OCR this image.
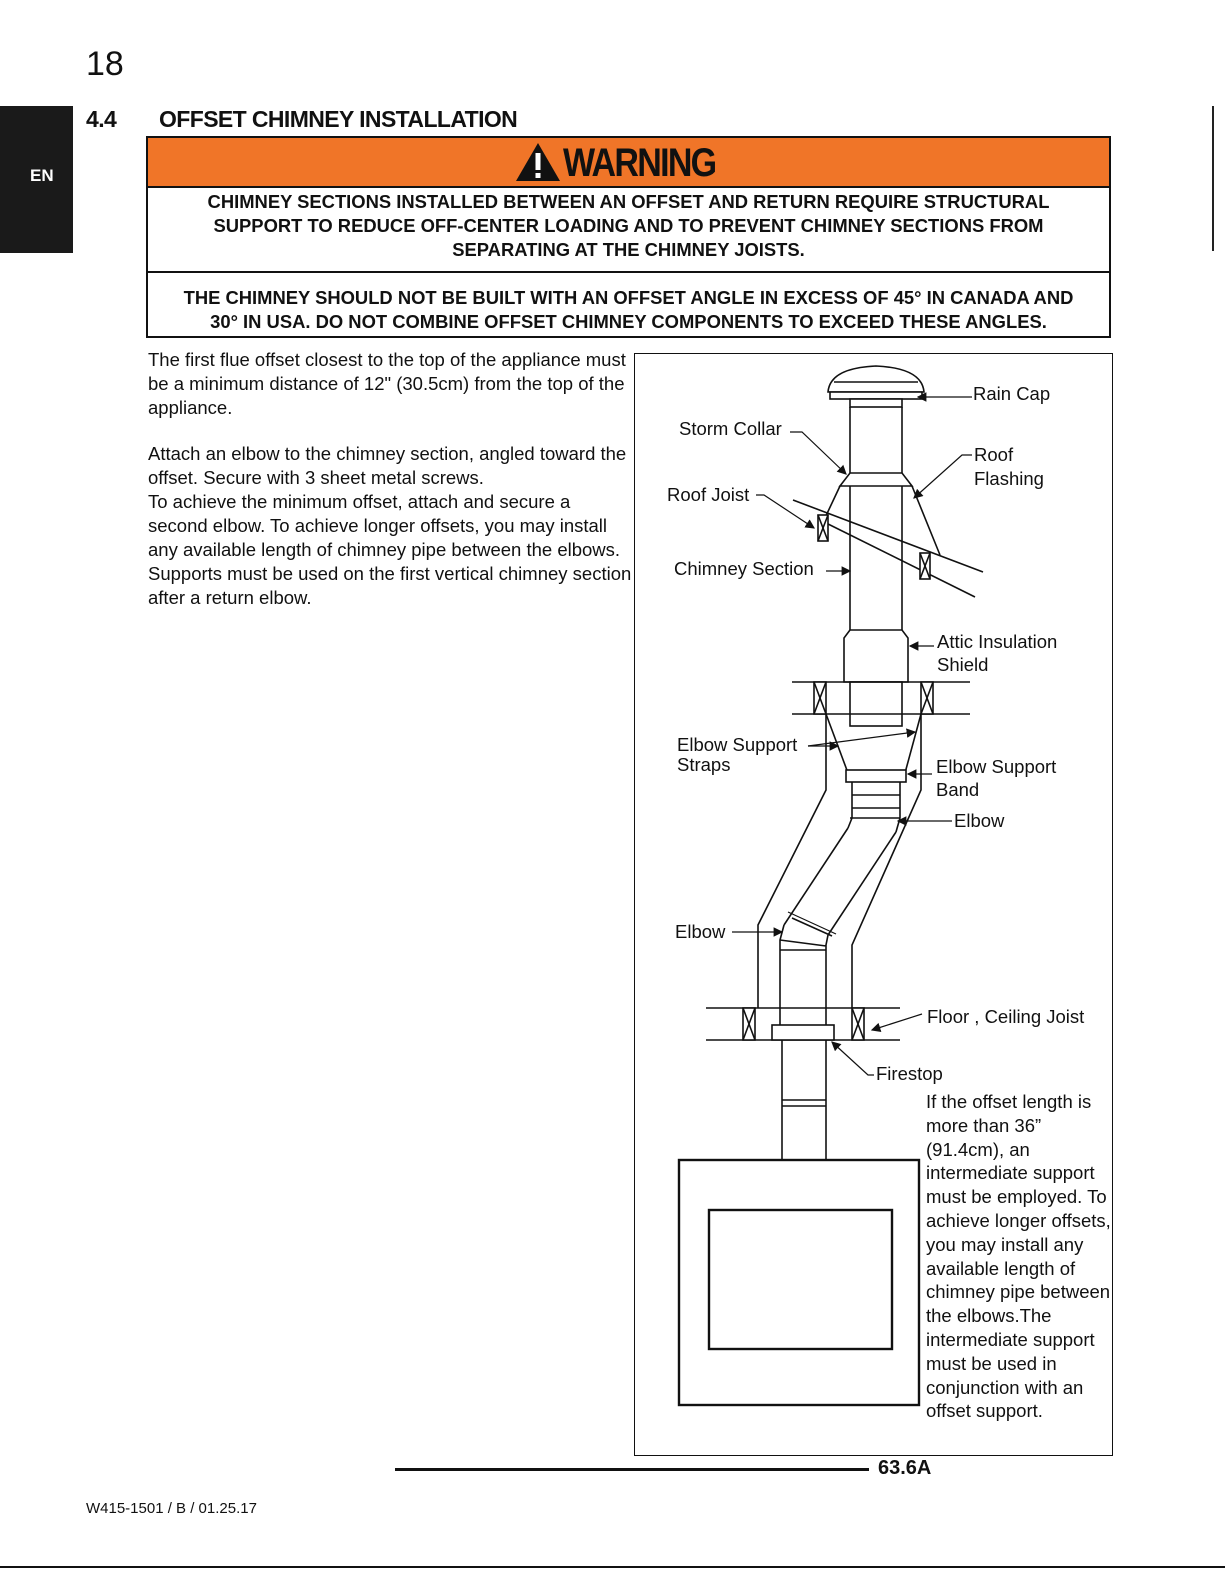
18
EN
4.4 OFFSET CHIMNEY INSTALLATION
WARNING
CHIMNEY SECTIONS INSTALLED BETWEEN AN OFFSET AND RETURN REQUIRE STRUCTURAL SUPPORT TO REDUCE OFF-CENTER LOADING AND TO PREVENT CHIMNEY SECTIONS FROM SEPARATING AT THE CHIMNEY JOISTS.
THE CHIMNEY SHOULD NOT BE BUILT WITH AN OFFSET ANGLE IN EXCESS OF 45° IN CANADA AND
30° IN USA. DO NOT COMBINE OFFSET CHIMNEY COMPONENTS TO EXCEED THESE ANGLES.

The first flue offset closest to the top of the appliance must be a minimum distance of 12" (30.5cm) from the top of the appliance.

Attach an elbow to the chimney section, angled toward the offset. Secure with 3 sheet metal screws.

To achieve the minimum offset, attach and secure a second elbow. To achieve longer offsets, you may install any available length of chimney pipe between the elbows. Supports must be used on the first vertical chimney section after a return elbow.

Rain Cap
Storm Collar
Roof
Flashing
Roof Joist
Chimney Section
Attic Insulation
Shield
Elbow Support
Straps	Elbow Support
Band
Elbow
Elbow
Floor , Ceiling Joist
Firestop
If the offset length is more than 36” (91.4cm), an intermediate support must be employed. To achieve longer offsets, you may install any available length of chimney pipe between the elbows.The intermediate support must be used in conjunction with an offset support.
63.6A
W415-1501 / B / 01.25.17
